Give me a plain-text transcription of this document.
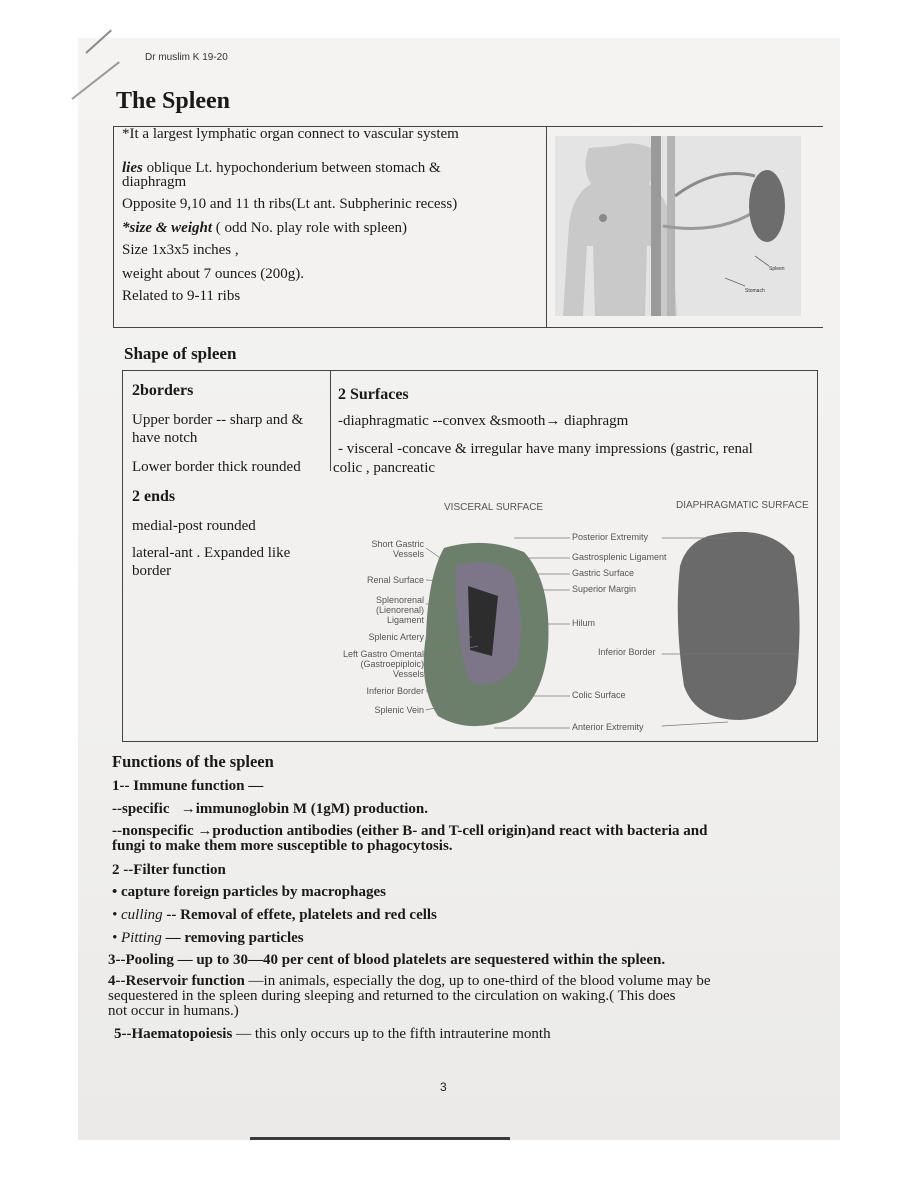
Dr muslim K 19-20
The Spleen
*It a largest lymphatic organ connect to vascular system
lies oblique Lt. hypochonderium between stomach &
diaphragm
Opposite 9,10 and 11 th ribs(Lt ant. Subpherinic recess)
*size & weight ( odd No. play role with spleen)
Size 1x3x5 inches ,
weight about 7 ounces (200g).
Related to 9-11 ribs
Spleen
Stomach
Shape of spleen
2borders
Upper border -- sharp and & have notch
Lower border thick rounded
2 ends
medial-post rounded
lateral-ant . Expanded like border
2 Surfaces
-diaphragmatic --convex &smooth→ diaphragm
- visceral -concave & irregular have many impressions (gastric, renal
colic , pancreatic
VISCERAL SURFACE	DIAPHRAGMATIC SURFACE
Short Gastric
Vessels
Renal Surface
Splenorenal
(Lienorenal)
Ligament
Splenic Artery
Left Gastro Omental
(Gastroepiploic)
Vessels
Inferior Border
Splenic Vein
Posterior Extremity
Gastrosplenic Ligament
Gastric Surface
Superior Margin
Hilum
Inferior Border
Colic Surface
Anterior Extremity
Functions of the spleen
1-- Immune function —
--specific →immunoglobin M (1gM) production.
--nonspecific →production antibodies (either B- and T-cell origin)and react with bacteria and
fungi to make them more susceptible to phagocytosis.
2 --Filter function
• capture foreign particles by macrophages
• culling -- Removal of effete, platelets and red cells
• Pitting — removing particles
3--Pooling — up to 30—40 per cent of blood platelets are sequestered within the spleen.
4--Reservoir function —in animals, especially the dog, up to one-third of the blood volume may be
sequestered in the spleen during sleeping and returned to the circulation on waking.( This does
not occur in humans.)
5--Haematopoiesis — this only occurs up to the fifth intrauterine month
3
